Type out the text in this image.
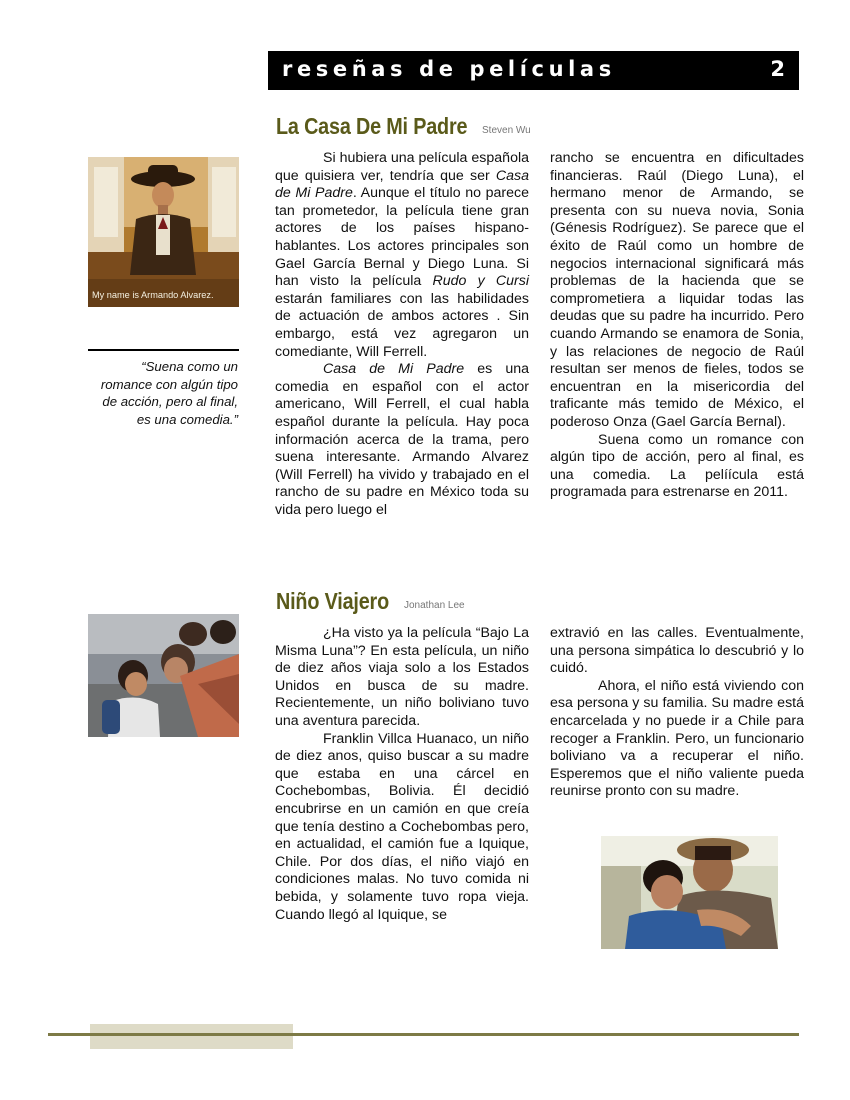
reseñas de películas	2
La Casa De Mi Padre Steven Wu
My name is Armando Alvarez.
“Suena como un romance con algún tipo de acción, pero al final, es una comedia.”

Si hubiera una película española que quisiera ver, tendría que ser Casa de Mi Padre. Aunque el título no parece tan prometedor, la película tiene gran actores de los países hispano-hablantes. Los actores principales son Gael García Bernal y Diego Luna. Si han visto la película Rudo y Cursi estarán familiares con las habilidades de actuación de ambos actores . Sin embargo, está vez agregaron un comediante, Will Ferrell.

Casa de Mi Padre es una comedia en español con el actor americano, Will Ferrell, el cual habla español durante la película. Hay poca información acerca de la trama, pero suena interesante. Armando Alvarez (Will Ferrell) ha vivido y trabajado en el rancho de su padre en México toda su vida pero luego el

rancho se encuentra en dificultades financieras. Raúl (Diego Luna), el hermano menor de Armando, se presenta con su nueva novia, Sonia (Génesis Rodríguez). Se parece que el éxito de Raúl como un hombre de negocios internacional significará más problemas de la hacienda que se comprometiera a liquidar todas las deudas que su padre ha incurrido. Pero cuando Armando se enamora de Sonia, y las relaciones de negocio de Raúl resultan ser menos de fieles, todos se encuentran en la misericordia del traficante más temido de México, el poderoso Onza (Gael García Bernal).

Suena como un romance con algún tipo de acción, pero al final, es una comedia. La pelíícula está programada para estrenarse en 2011.

Niño Viajero Jonathan Lee

¿Ha visto ya la película “Bajo La Misma Luna”? En esta película, un niño de diez años viaja solo a los Estados Unidos en busca de su madre. Recientemente, un niño boliviano tuvo una aventura parecida.

Franklin Villca Huanaco, un niño de diez anos, quiso buscar a su madre que estaba en una cárcel en Cochebombas, Bolivia. Él decidió encubrirse en un camión en que creía que tenía destino a Cochebombas pero, en actualidad, el camión fue a Iquique, Chile. Por dos días, el niño viajó en condiciones malas. No tuvo comida ni bebida, y solamente tuvo ropa vieja. Cuando llegó al Iquique, se

extravió en las calles. Eventualmente, una persona simpática lo descubrió y lo cuidó.

Ahora, el niño está viviendo con esa persona y su familia. Su madre está encarcelada y no puede ir a Chile para recoger a Franklin. Pero, un funcionario boliviano va a recuperar el niño. Esperemos que el niño valiente pueda reunirse pronto con su madre.
